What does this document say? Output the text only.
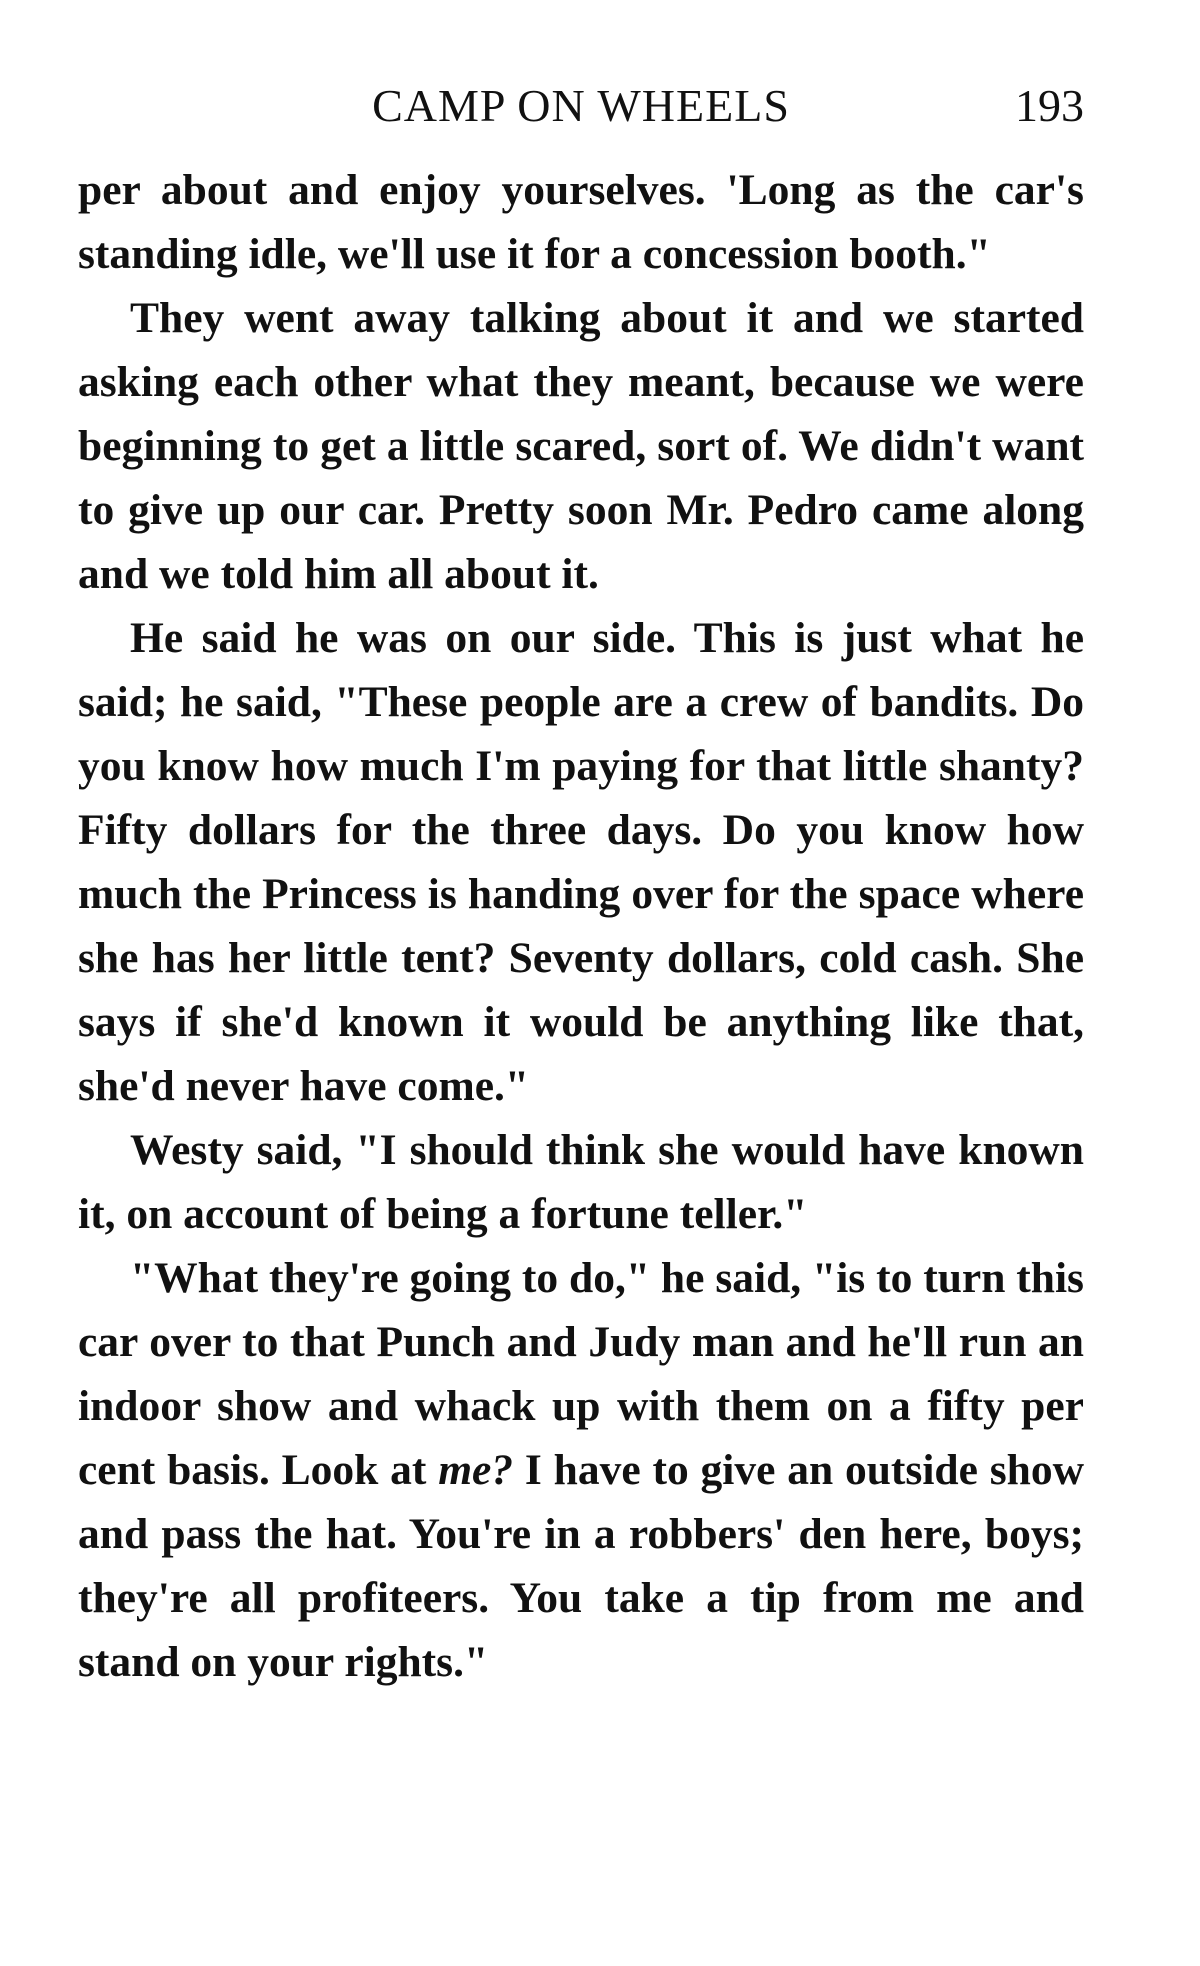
CAMP ON WHEELS	193

per about and enjoy yourselves. 'Long as the car's standing idle, we'll use it for a concession booth."

They went away talking about it and we started asking each other what they meant, because we were beginning to get a little scared, sort of. We didn't want to give up our car. Pretty soon Mr. Pedro came along and we told him all about it.

He said he was on our side. This is just what he said; he said, "These people are a crew of bandits. Do you know how much I'm paying for that little shanty? Fifty dollars for the three days. Do you know how much the Princess is handing over for the space where she has her little tent? Seventy dollars, cold cash. She says if she'd known it would be anything like that, she'd never have come."

Westy said, "I should think she would have known it, on account of being a fortune teller."

"What they're going to do," he said, "is to turn this car over to that Punch and Judy man and he'll run an indoor show and whack up with them on a fifty per cent basis. Look at me? I have to give an outside show and pass the hat. You're in a robbers' den here, boys; they're all profiteers. You take a tip from me and stand on your rights."
